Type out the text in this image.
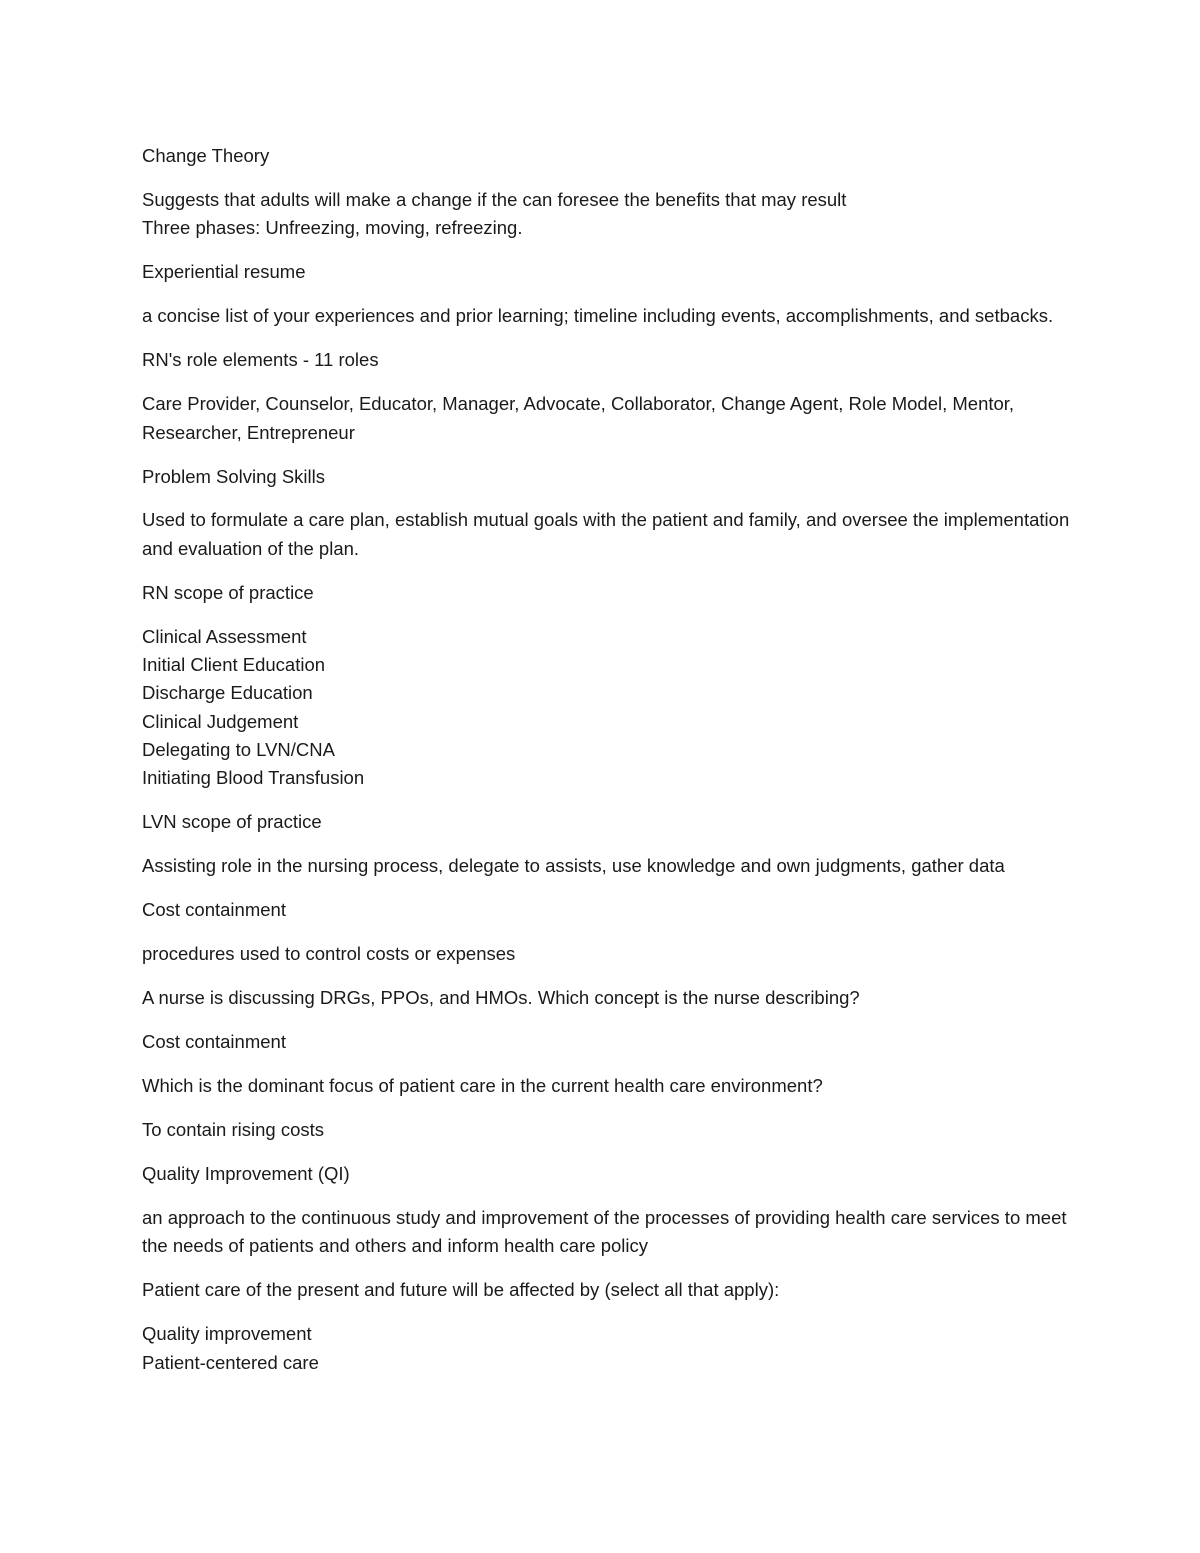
Change Theory

Suggests that adults will make a change if the can foresee the benefits that may result
Three phases: Unfreezing, moving, refreezing.

Experiential resume

a concise list of your experiences and prior learning; timeline including events, accomplishments, and setbacks.

RN's role elements - 11 roles

Care Provider, Counselor, Educator, Manager, Advocate, Collaborator, Change Agent, Role Model, Mentor, Researcher, Entrepreneur

Problem Solving Skills

Used to formulate a care plan, establish mutual goals with the patient and family, and oversee the implementation and evaluation of the plan.

RN scope of practice

Clinical Assessment
Initial Client Education
Discharge Education
Clinical Judgement
Delegating to LVN/CNA
Initiating Blood Transfusion

LVN scope of practice

Assisting role in the nursing process, delegate to assists, use knowledge and own judgments, gather data

Cost containment

procedures used to control costs or expenses

A nurse is discussing DRGs, PPOs, and HMOs. Which concept is the nurse describing?

Cost containment

Which is the dominant focus of patient care in the current health care environment?

To contain rising costs

Quality Improvement (QI)

an approach to the continuous study and improvement of the processes of providing health care services to meet the needs of patients and others and inform health care policy

Patient care of the present and future will be affected by (select all that apply):

Quality improvement
Patient-centered care
